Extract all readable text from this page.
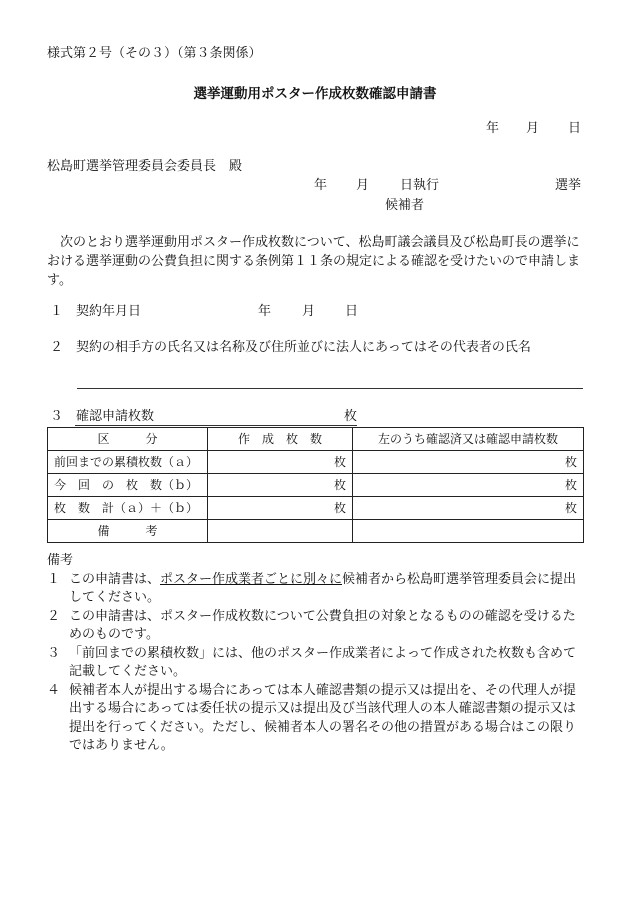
様式第２号（その３）（第３条関係）
選挙運動用ポスター作成枚数確認申請書
年 月 日
松島町選挙管理委員会委員長　殿
年 月 日執行	選挙
候補者
次のとおり選挙運動用ポスター作成枚数について、松島町議会議員及び松島町長の選挙における選挙運動の公費負担に関する条例第１１条の規定による確認を受けたいので申請します。
１ 契約年月日	年 月 日
２ 契約の相手方の氏名又は名称及び住所並びに法人にあってはその代表者の氏名
３ 確認申請枚数	枚
区　　　分	作　成　枚　数	左のうち確認済又は確認申請枚数
前回までの累積枚数（ａ）	枚	枚
今　回　の　枚　数（ｂ）	枚	枚
枚　数　計（ａ）＋（ｂ）	枚	枚
備　　　考		
備考
１ この申請書は、ポスター作成業者ごとに別々に候補者から松島町選挙管理委員会に提出してください。
２ この申請書は、ポスター作成枚数について公費負担の対象となるものの確認を受けるためのものです。
３ 「前回までの累積枚数」には、他のポスター作成業者によって作成された枚数も含めて記載してください。
４ 候補者本人が提出する場合にあっては本人確認書類の提示又は提出を、その代理人が提出する場合にあっては委任状の提示又は提出及び当該代理人の本人確認書類の提示又は提出を行ってください。ただし、候補者本人の署名その他の措置がある場合はこの限りではありません。
